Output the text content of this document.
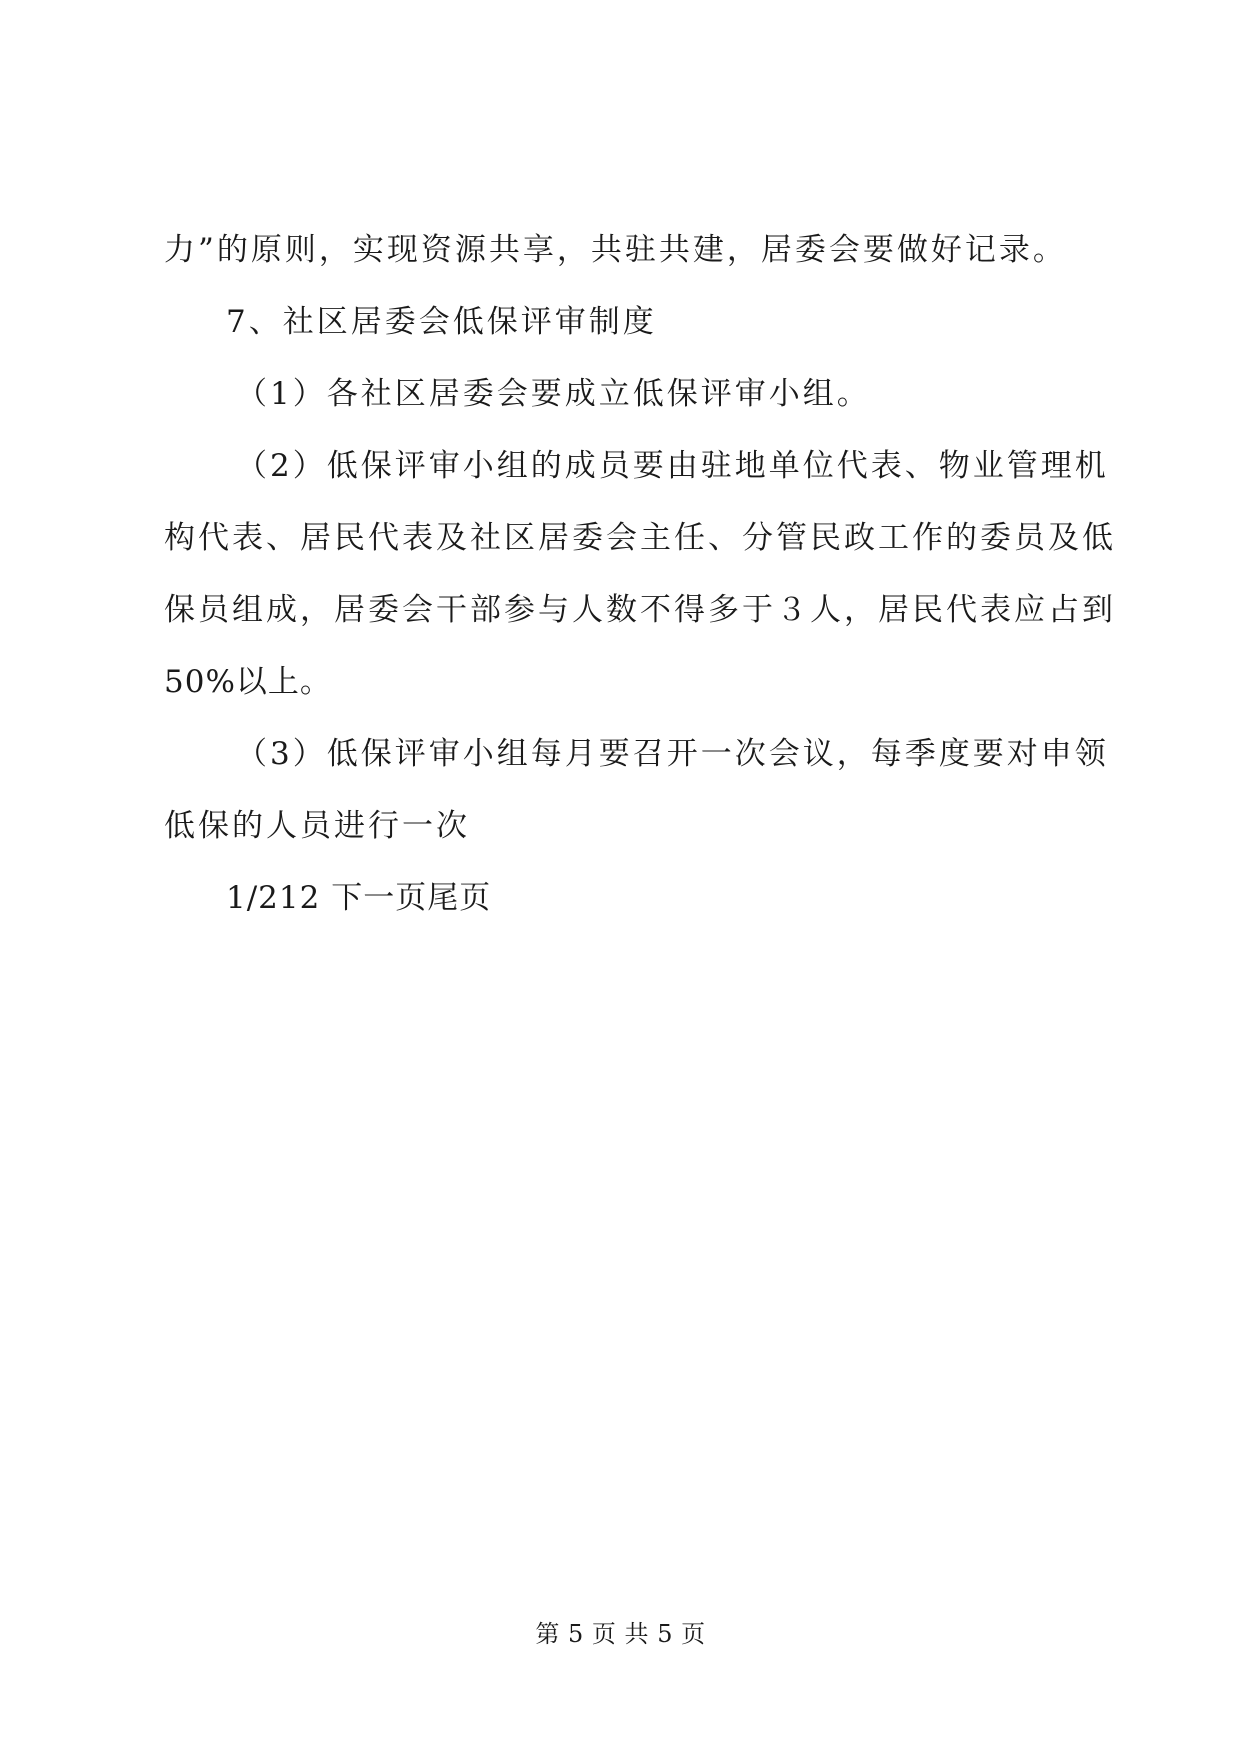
力”的原则，实现资源共享，共驻共建，居委会要做好记录。
7、社区居委会低保评审制度
（1）各社区居委会要成立低保评审小组。
（2）低保评审小组的成员要由驻地单位代表、物业管理机
构代表、居民代表及社区居委会主任、分管民政工作的委员及低
保员组成，居委会干部参与人数不得多于３人，居民代表应占到
50%以上。
（3）低保评审小组每月要召开一次会议，每季度要对申领
低保的人员进行一次
1/212 下一页尾页
第 5 页 共 5 页
